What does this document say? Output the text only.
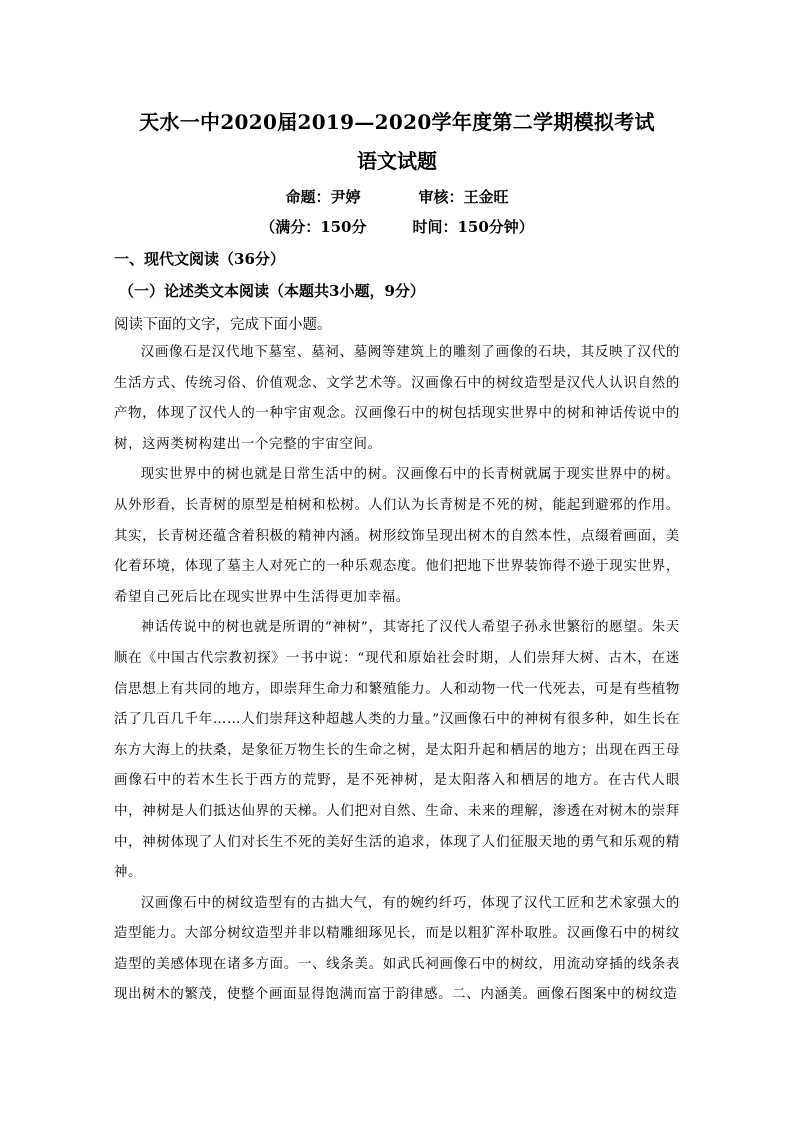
天水一中2020届2019—2020学年度第二学期模拟考试
语文试题
命题：尹婷	审核：王金旺
（满分：150分	时间：150分钟）
一、现代文阅读（36分）
（一）论述类文本阅读（本题共3小题，9分）
阅读下面的文字，完成下面小题。

汉画像石是汉代地下墓室、墓祠、墓阙等建筑上的雕刻了画像的石块，其反映了汉代的生活方式、传统习俗、价值观念、文学艺术等。汉画像石中的树纹造型是汉代人认识自然的产物，体现了汉代人的一种宇宙观念。汉画像石中的树包括现实世界中的树和神话传说中的树，这两类树构建出一个完整的宇宙空间。

现实世界中的树也就是日常生活中的树。汉画像石中的长青树就属于现实世界中的树。从外形看，长青树的原型是柏树和松树。人们认为长青树是不死的树，能起到避邪的作用。其实，长青树还蕴含着积极的精神内涵。树形纹饰呈现出树木的自然本性，点缀着画面，美化着环境，体现了墓主人对死亡的一种乐观态度。他们把地下世界装饰得不逊于现实世界，希望自己死后比在现实世界中生活得更加幸福。

神话传说中的树也就是所谓的“神树”，其寄托了汉代人希望子孙永世繁衍的愿望。朱天顺在《中国古代宗教初探》一书中说：“现代和原始社会时期，人们崇拜大树、古木，在迷信思想上有共同的地方，即崇拜生命力和繁殖能力。人和动物一代一代死去，可是有些植物活了几百几千年……人们崇拜这种超越人类的力量。”汉画像石中的神树有很多种，如生长在东方大海上的扶桑，是象征万物生长的生命之树，是太阳升起和栖居的地方；出现在西王母画像石中的若木生长于西方的荒野，是不死神树，是太阳落入和栖居的地方。在古代人眼中，神树是人们抵达仙界的天梯。人们把对自然、生命、未来的理解，渗透在对树木的崇拜中，神树体现了人们对长生不死的美好生活的追求，体现了人们征服天地的勇气和乐观的精神。

汉画像石中的树纹造型有的古拙大气，有的婉约纤巧，体现了汉代工匠和艺术家强大的造型能力。大部分树纹造型并非以精雕细琢见长，而是以粗犷浑朴取胜。汉画像石中的树纹造型的美感体现在诸多方面。一、线条美。如武氏祠画像石中的树纹，用流动穿插的线条表现出树木的繁茂，使整个画面显得饱满而富于韵律感。二、内涵美。画像石图案中的树纹造
